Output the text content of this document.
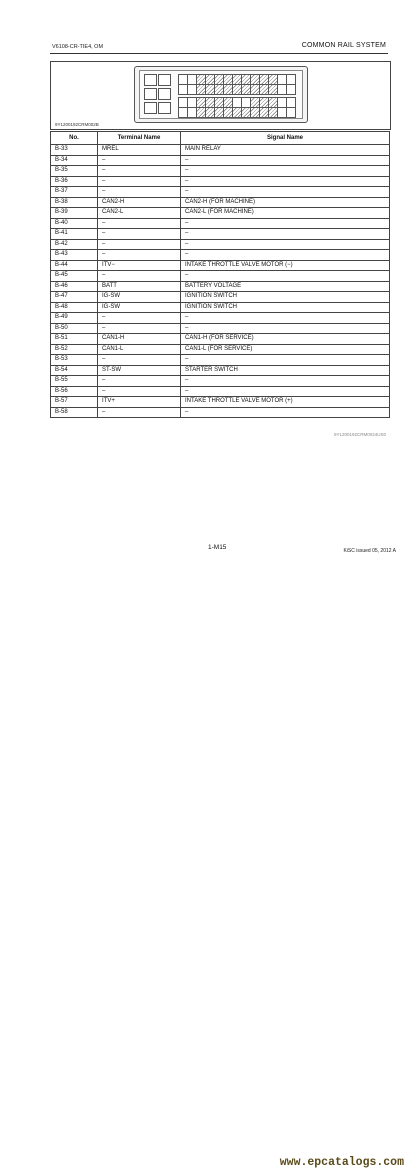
V6108-CR-TIE4, OM	COMMON RAIL SYSTEM
9Y1200192CRM002B
No.	Terminal Name	Signal Name
B-33	MREL	MAIN RELAY
B-34	–	–
B-35	–	–
B-36	–	–
B-37	–	–
B-38	CAN2-H	CAN2-H (FOR MACHINE)
B-39	CAN2-L	CAN2-L (FOR MACHINE)
B-40	–	–
B-41	–	–
B-42	–	–
B-43	–	–
B-44	ITV−	INTAKE THROTTLE VALVE MOTOR (−)
B-45	–	–
B-46	BATT	BATTERY VOLTAGE
B-47	IG-SW	IGNITION SWITCH
B-48	IG-SW	IGNITION SWITCH
B-49	–	–
B-50	–	–
B-51	CAN1-H	CAN1-H (FOR SERVICE)
B-52	CAN1-L	CAN1-L (FOR SERVICE)
B-53	–	–
B-54	ST-SW	STARTER SWITCH
B-55	–	–
B-56	–	–
B-57	ITV+	INTAKE THROTTLE VALVE MOTOR (+)
B-58	–	–
9Y1200192CRM0024US0
1-M15	KiSC issued 05, 2012 A
www.epcatalogs.com
